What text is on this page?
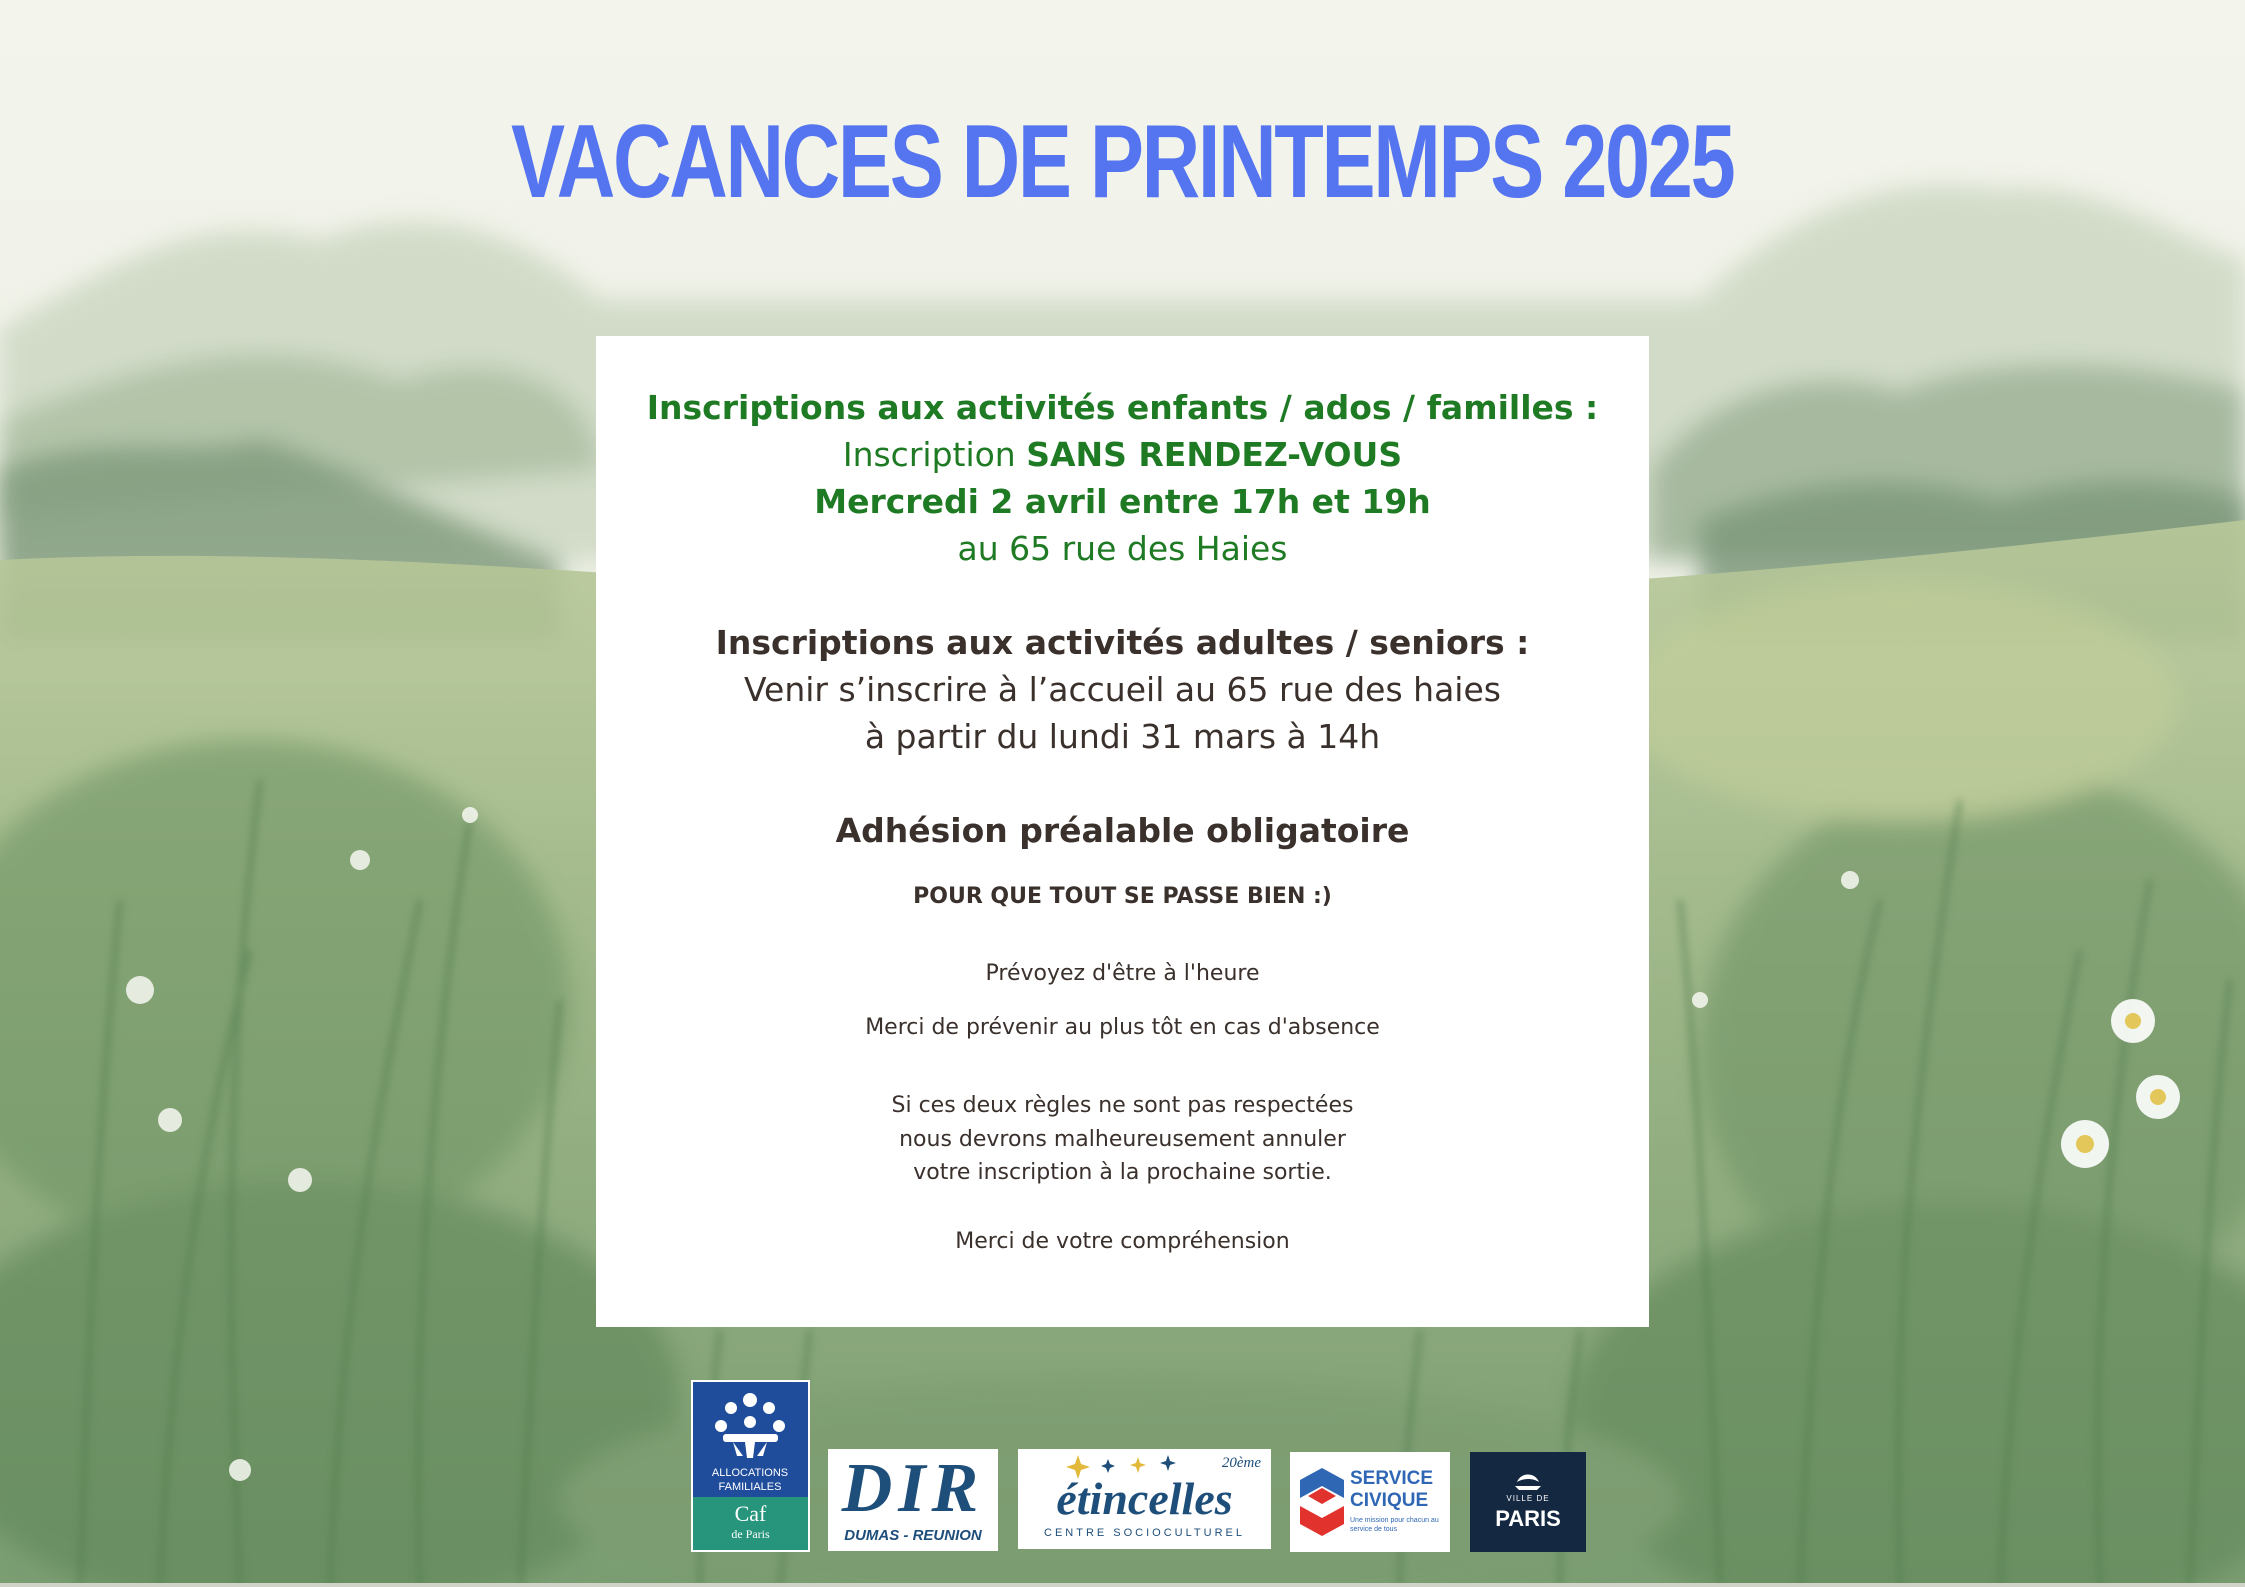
VACANCES DE PRINTEMPS 2025
Inscriptions aux activités enfants / ados / familles :
Inscription SANS RENDEZ-VOUS
Mercredi 2 avril entre 17h et 19h
au 65 rue des Haies
Inscriptions aux activités adultes / seniors :
Venir s’inscrire à l’accueil au 65 rue des haies
à partir du lundi 31 mars à 14h
Adhésion préalable obligatoire
POUR QUE TOUT SE PASSE BIEN :)
Prévoyez d'être à l'heure
Merci de prévenir au plus tôt en cas d'absence
Si ces deux règles ne sont pas respectées
nous devrons malheureusement annuler
votre inscription à la prochaine sortie.
Merci de votre compréhension
ALLOCATIONS
FAMILIALES
Caf
de Paris
DIR
DUMAS - REUNION
20ème
étincelles
CENTRE SOCIOCULTUREL
SERVICE
CIVIQUE
Une mission pour chacun au service de tous
VILLE DE
PARIS
